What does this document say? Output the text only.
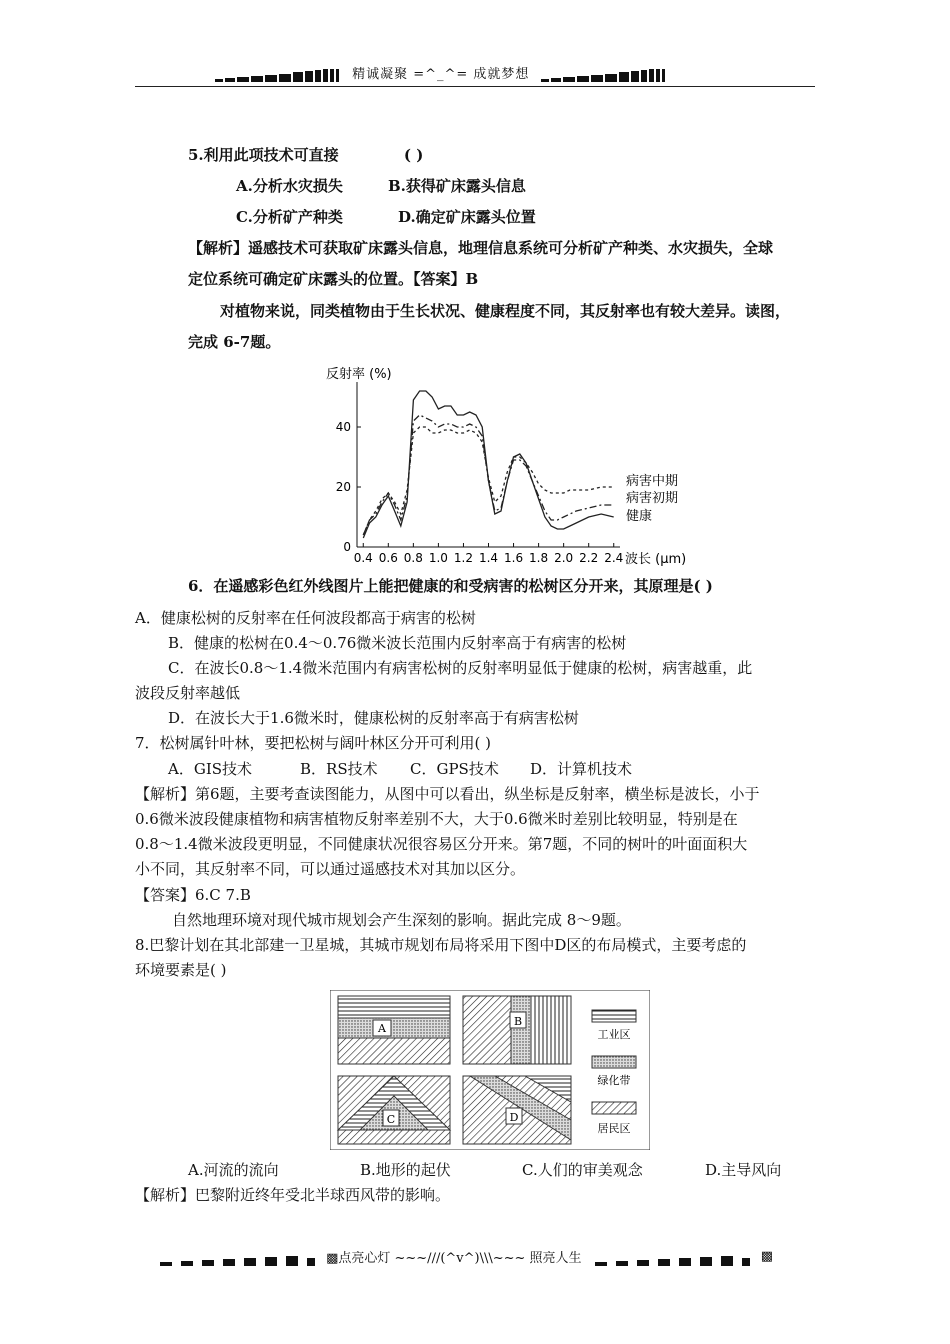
精诚凝聚 =^_^= 成就梦想
5.利用此项技术可直接	( )
A.分析水灾损失	B.获得矿床露头信息
C.分析矿产种类	D.确定矿床露头位置
【解析】遥感技术可获取矿床露头信息，地理信息系统可分析矿产种类、水灾损失，全球
定位系统可确定矿床露头的位置。【答案】B
对植物来说，同类植物由于生长状况、健康程度不同，其反射率也有较大差异。读图，
完成 6-7题。
反射率 (%)
波长 (μm)
0
20
40
0.4 0.6 0.8 1.0 1.2 1.4 1.6 1.8 2.0 2.2 2.4
健康
病害初期
病害中期
6．在遥感彩色红外线图片上能把健康的和受病害的松树区分开来，其原理是( )
A．健康松树的反射率在任何波段都高于病害的松树
B．健康的松树在0.4～0.76微米波长范围内反射率高于有病害的松树
C．在波长0.8～1.4微米范围内有病害松树的反射率明显低于健康的松树，病害越重，此
波段反射率越低
D．在波长大于1.6微米时，健康松树的反射率高于有病害松树
7．松树属针叶林，要把松树与阔叶林区分开可利用( )
A．GIS技术	B．RS技术 C．GPS技术 D．计算机技术
【解析】第6题，主要考查读图能力，从图中可以看出，纵坐标是反射率，横坐标是波长，小于
0.6微米波段健康植物和病害植物反射率差别不大，大于0.6微米时差别比较明显，特别是在
0.8～1.4微米波段更明显，不同健康状况很容易区分开来。第7题，不同的树叶的叶面面积大
小不同，其反射率不同，可以通过遥感技术对其加以区分。
【答案】6.C 7.B
自然地理环境对现代城市规划会产生深刻的影响。据此完成 8～9题。
8.巴黎计划在其北部建一卫星城，其城市规划布局将采用下图中D区的布局模式，主要考虑的
环境要素是( )
A
B
C	D
工业区
绿化带
居民区
A.河流的流向	B.地形的起伏	C.人们的审美观念	D.主导风向
【解析】巴黎附近终年受北半球西风带的影响。
▩点亮心灯 ~~~///(^v^)\\\~~~ 照亮人生	▩
